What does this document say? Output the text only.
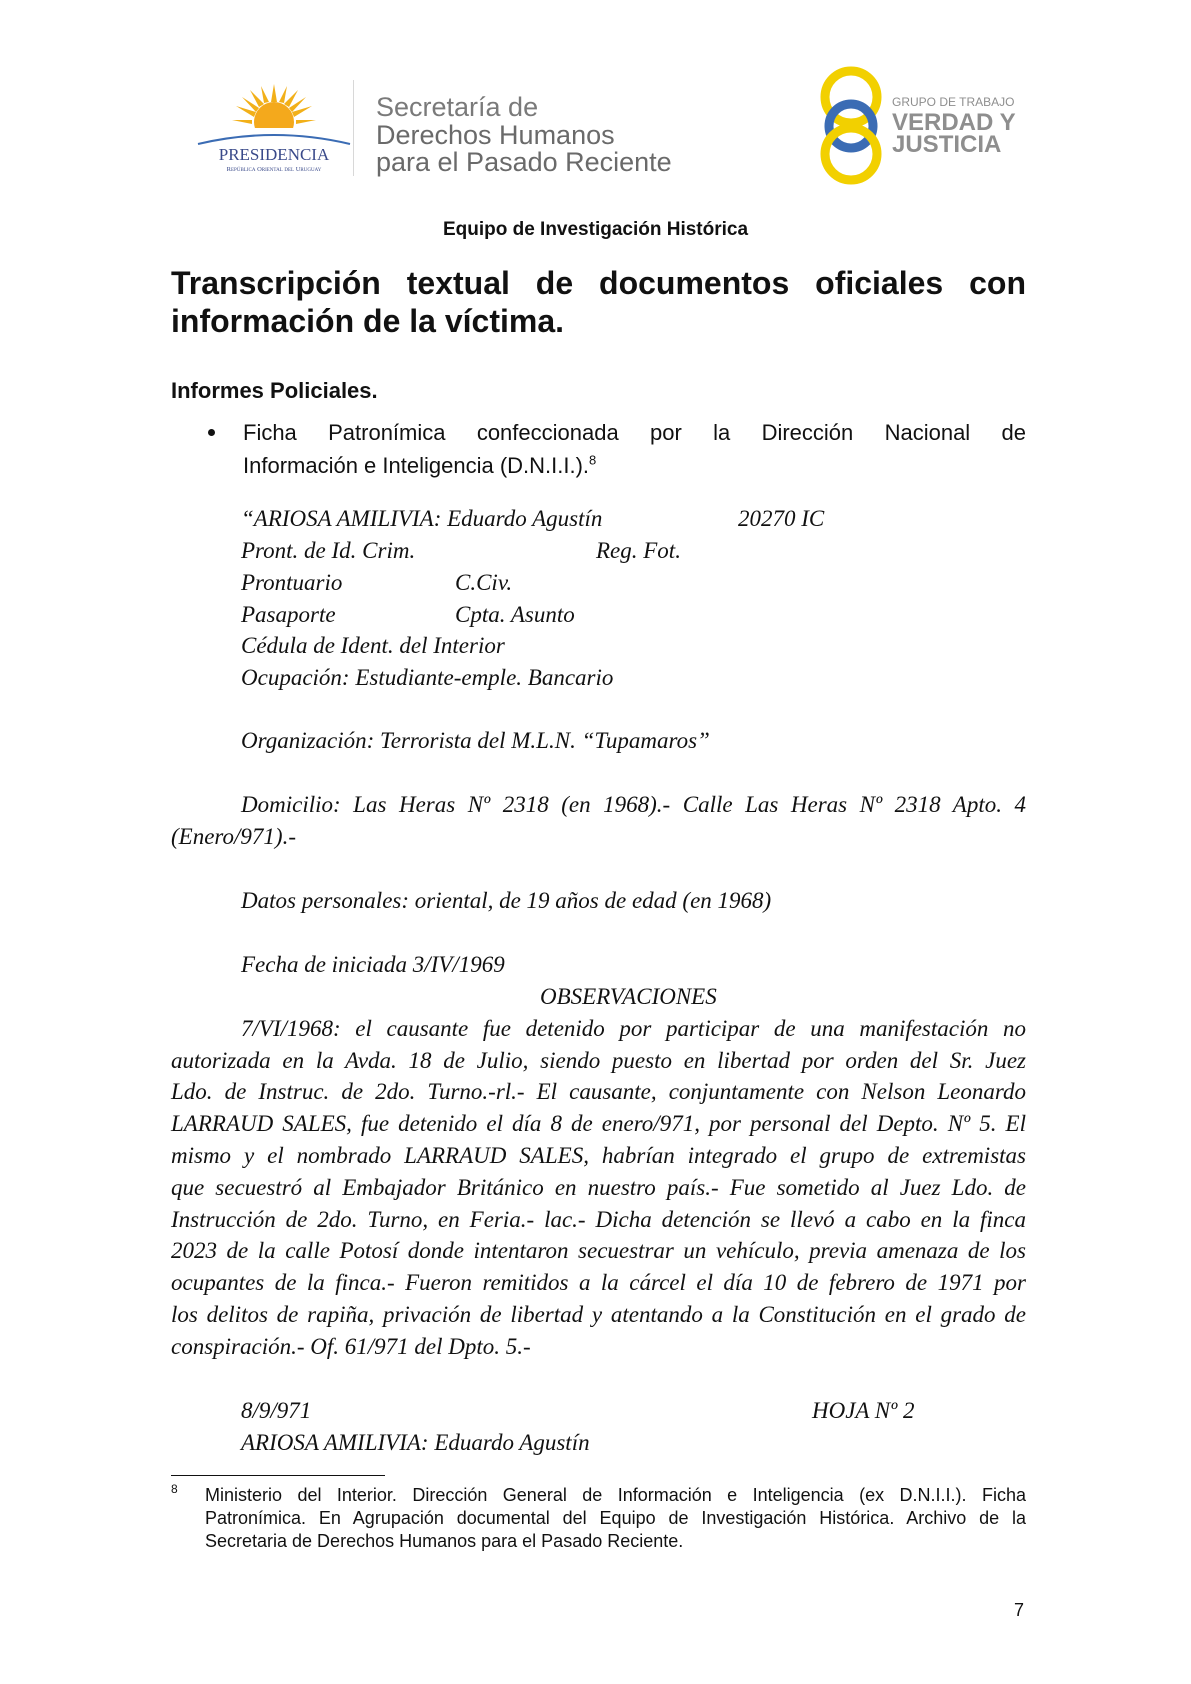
PRESIDENCIA
República Oriental del Uruguay
Secretaría de
Derechos Humanos
para el Pasado Reciente
GRUPO DE TRABAJO
VERDAD Y
JUSTICIA
Equipo de Investigación Histórica
Transcripción textual de documentos oficiales con información de la víctima.
Informes Policiales.
Ficha Patronímica confeccionada por la Dirección Nacional de
Información e Inteligencia (D.N.I.I.).$^8$
“ARIOSA AMILIVIA: Eduardo Agustín	20270 IC
Pront. de Id. Crim.	Reg. Fot.
Prontuario	C.Civ.
Pasaporte	Cpta. Asunto
Cédula de Ident. del Interior
Ocupación: Estudiante-emple. Bancario
Organización: Terrorista del M.L.N. “Tupamaros”
Domicilio: Las Heras Nº 2318 (en 1968).- Calle Las Heras Nº 2318 Apto. 4
(Enero/971).-
Datos personales: oriental, de 19 años de edad (en 1968)
Fecha de iniciada 3/IV/1969
OBSERVACIONES
7/VI/1968: el causante fue detenido por participar de una manifestación no
autorizada en la Avda. 18 de Julio, siendo puesto en libertad por orden del Sr. Juez
Ldo. de Instruc. de 2do. Turno.-rl.- El causante, conjuntamente con Nelson Leonardo
LARRAUD SALES, fue detenido el día 8 de enero/971, por personal del Depto. Nº 5. El
mismo y el nombrado LARRAUD SALES, habrían integrado el grupo de extremistas
que secuestró al Embajador Británico en nuestro país.- Fue sometido al Juez Ldo. de
Instrucción de 2do. Turno, en Feria.- lac.- Dicha detención se llevó a cabo en la finca
2023 de la calle Potosí donde intentaron secuestrar un vehículo, previa amenaza de los
ocupantes de la finca.- Fueron remitidos a la cárcel el día 10 de febrero de 1971 por
los delitos de rapiña, privación de libertad y atentando a la Constitución en el grado de
conspiración.- Of. 61/971 del Dpto. 5.-
8/9/971	HOJA Nº 2
ARIOSA AMILIVIA: Eduardo Agustín
8 Ministerio del Interior. Dirección General de Información e Inteligencia (ex D.N.I.I.). Ficha
Patronímica. En Agrupación documental del Equipo de Investigación Histórica. Archivo de la
Secretaria de Derechos Humanos para el Pasado Reciente.
7
